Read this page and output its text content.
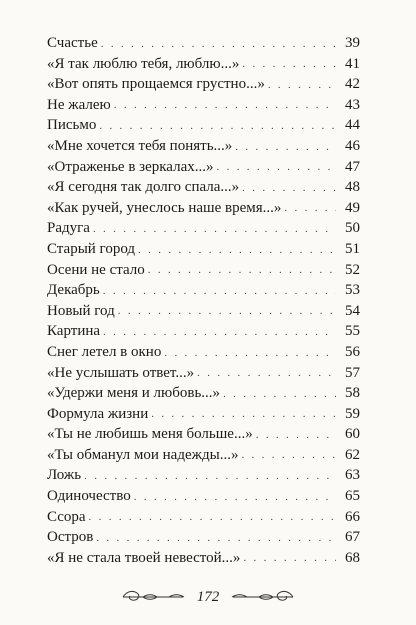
Счастье . . .	39
«Я так люблю тебя, люблю...» . . .	41
«Вот опять прощаемся грустно...» . . .	42
Не жалею . . .	43
Письмо . . .	44
«Мне хочется тебя понять...» . . .	46
«Отраженье в зеркалах...» . . .	47
«Я сегодня так долго спала...» . . .	48
«Как ручей, унеслось наше время...» . . .	49
Радуга . . .	50
Старый город . . .	51
Осени не стало . . .	52
Декабрь . . .	53
Новый год . . .	54
Картина . . .	55
Снег летел в окно . . .	56
«Не услышать ответ...» . . .	57
«Удержи меня и любовь...» . . .	58
Формула жизни . . .	59
«Ты не любишь меня больше...» . . .	60
«Ты обманул мои надежды...» . . .	62
Ложь . . .	63
Одиночество . . .	65
Ссора . . .	66
Остров . . .	67
«Я не стала твоей невестой...» . . .	68
172
